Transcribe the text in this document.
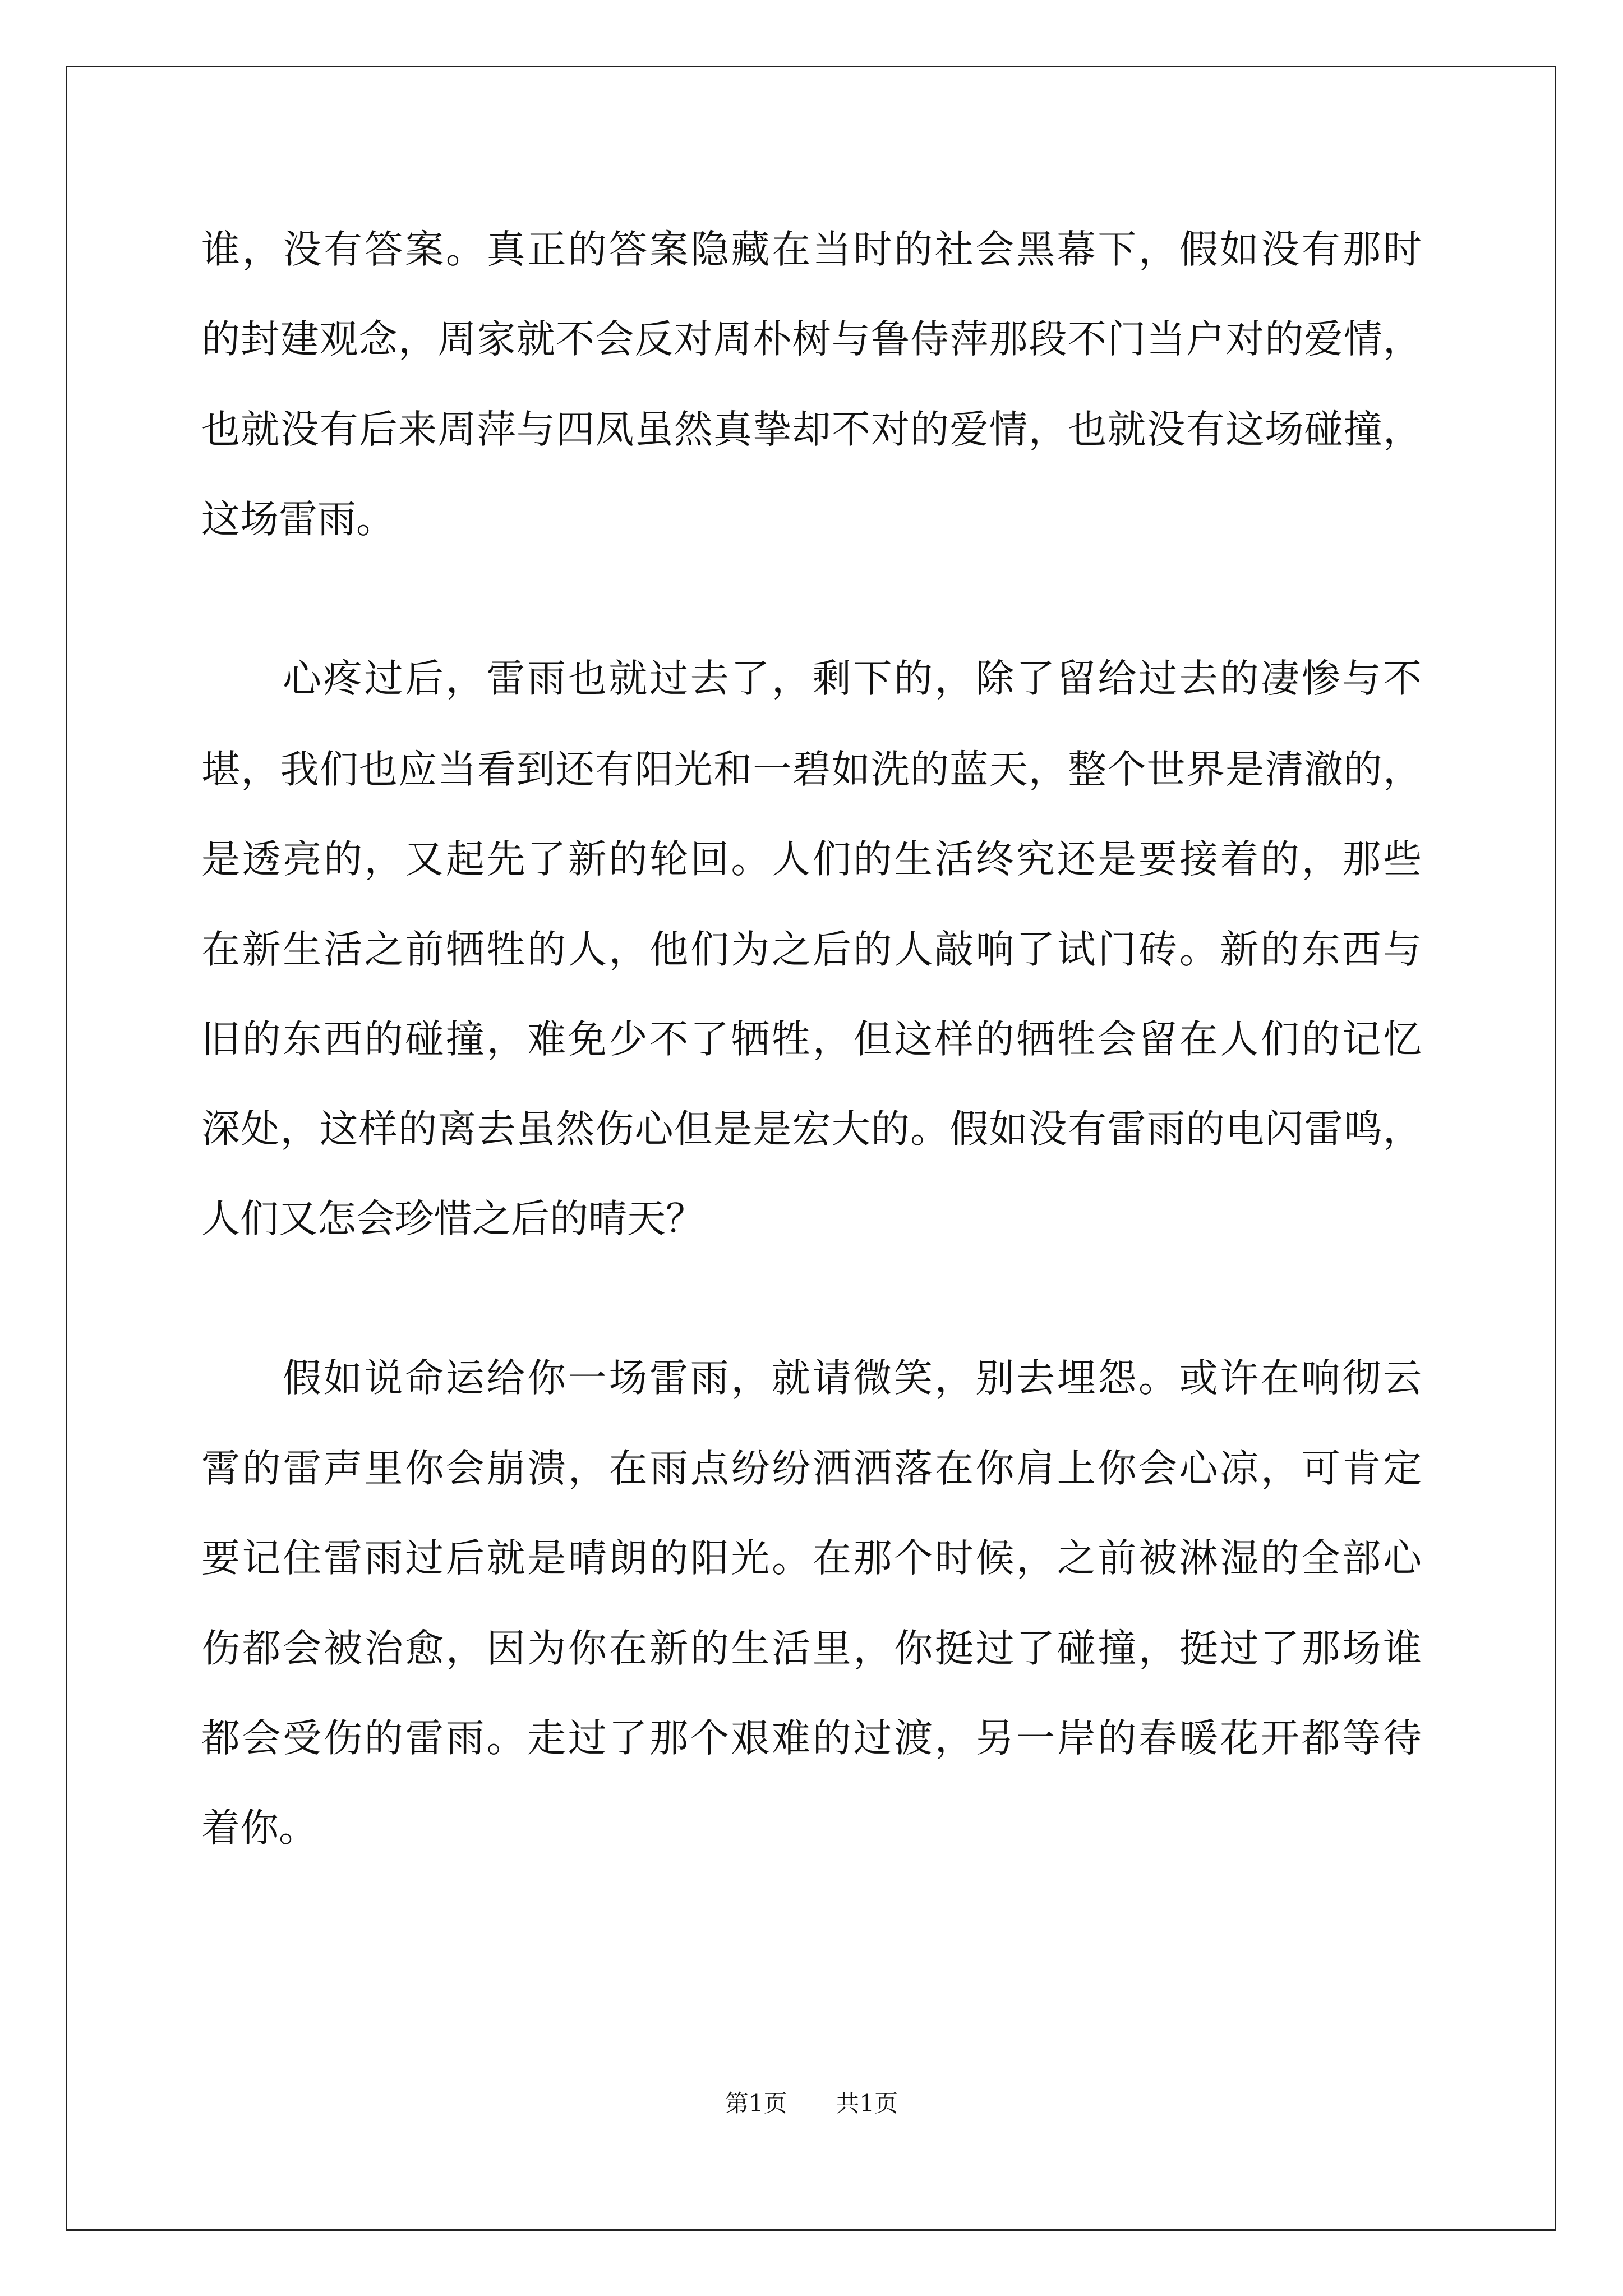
谁，没有答案。真正的答案隐藏在当时的社会黑幕下，假如没有那时
的封建观念，周家就不会反对周朴树与鲁侍萍那段不门当户对的爱情，
也就没有后来周萍与四凤虽然真挚却不对的爱情，也就没有这场碰撞，
这场雷雨。
心疼过后，雷雨也就过去了，剩下的，除了留给过去的凄惨与不
堪，我们也应当看到还有阳光和一碧如洗的蓝天，整个世界是清澈的，
是透亮的，又起先了新的轮回。人们的生活终究还是要接着的，那些
在新生活之前牺牲的人，他们为之后的人敲响了试门砖。新的东西与
旧的东西的碰撞，难免少不了牺牲，但这样的牺牲会留在人们的记忆
深处，这样的离去虽然伤心但是是宏大的。假如没有雷雨的电闪雷鸣，
人们又怎会珍惜之后的晴天？
假如说命运给你一场雷雨，就请微笑，别去埋怨。或许在响彻云
霄的雷声里你会崩溃，在雨点纷纷洒洒落在你肩上你会心凉，可肯定
要记住雷雨过后就是晴朗的阳光。在那个时候，之前被淋湿的全部心
伤都会被治愈，因为你在新的生活里，你挺过了碰撞，挺过了那场谁
都会受伤的雷雨。走过了那个艰难的过渡，另一岸的春暖花开都等待
着你。
第1页 共1页
